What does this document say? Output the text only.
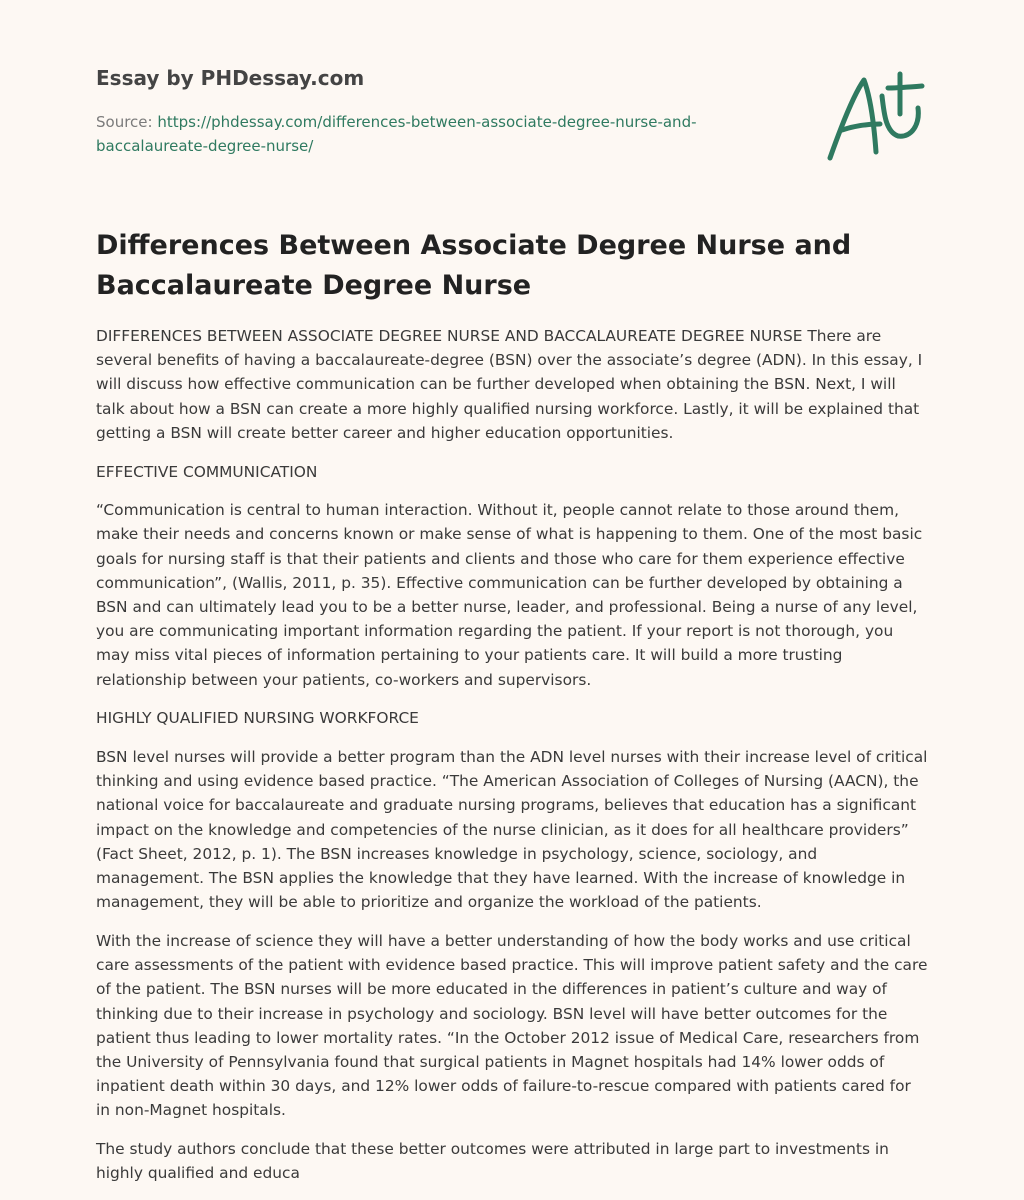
Essay by PHDessay.com

Source: https://phdessay.com/differences-between-associate-degree-nurse-and-
baccalaureate-degree-nurse/
Differences Between Associate Degree Nurse and Baccalaureate Degree Nurse

DIFFERENCES BETWEEN ASSOCIATE DEGREE NURSE AND BACCALAUREATE DEGREE NURSE There are several benefits of having a baccalaureate-degree (BSN) over the associate’s degree (ADN). In this essay, I will discuss how effective communication can be further developed when obtaining the BSN. Next, I will talk about how a BSN can create a more highly qualified nursing workforce. Lastly, it will be explained that getting a BSN will create better career and higher education opportunities.

EFFECTIVE COMMUNICATION

“Communication is central to human interaction. Without it, people cannot relate to those around them, make their needs and concerns known or make sense of what is happening to them. One of the most basic goals for nursing staff is that their patients and clients and those who care for them experience effective communication”, (Wallis, 2011, p. 35). Effective communication can be further developed by obtaining a BSN and can ultimately lead you to be a better nurse, leader, and professional. Being a nurse of any level, you are communicating important information regarding the patient. If your report is not thorough, you may miss vital pieces of information pertaining to your patients care. It will build a more trusting relationship between your patients, co-workers and supervisors.

HIGHLY QUALIFIED NURSING WORKFORCE

BSN level nurses will provide a better program than the ADN level nurses with their increase level of critical thinking and using evidence based practice. “The American Association of Colleges of Nursing (AACN), the national voice for baccalaureate and graduate nursing programs, believes that education has a significant impact on the knowledge and competencies of the nurse clinician, as it does for all healthcare providers” (Fact Sheet, 2012, p. 1). The BSN increases knowledge in psychology, science, sociology, and management. The BSN applies the knowledge that they have learned. With the increase of knowledge in management, they will be able to prioritize and organize the workload of the patients.

With the increase of science they will have a better understanding of how the body works and use critical care assessments of the patient with evidence based practice. This will improve patient safety and the care of the patient. The BSN nurses will be more educated in the differences in patient’s culture and way of thinking due to their increase in psychology and sociology. BSN level will have better outcomes for the patient thus leading to lower mortality rates. “In the October 2012 issue of Medical Care, researchers from the University of Pennsylvania found that surgical patients in Magnet hospitals had 14% lower odds of inpatient death within 30 days, and 12% lower odds of failure-to-rescue compared with patients cared for in non-Magnet hospitals.

The study authors conclude that these better outcomes were attributed in large part to investments in highly qualified and educa
